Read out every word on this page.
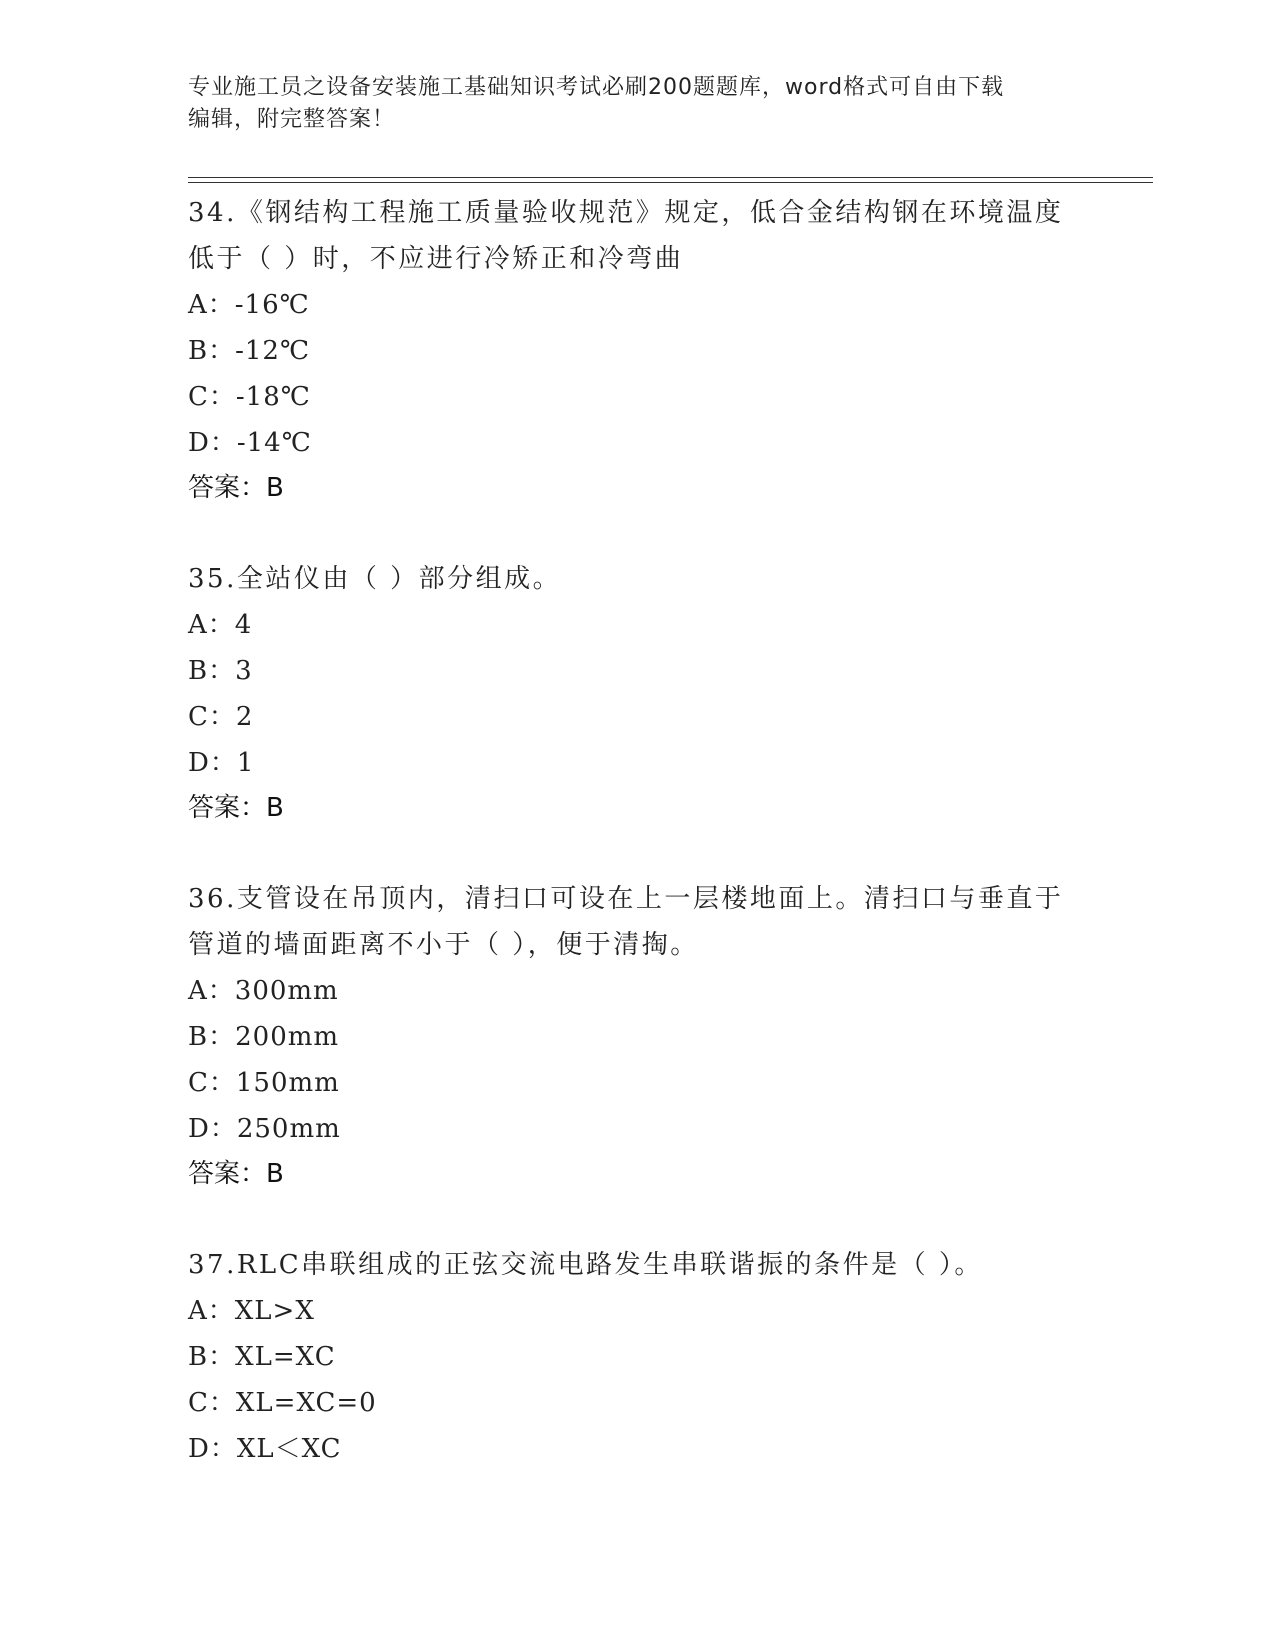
专业施工员之设备安装施工基础知识考试必刷200题题库，word格式可自由下载
编辑，附完整答案！
34.《钢结构工程施工质量验收规范》规定，低合金结构钢在环境温度
低于（ ）时，不应进行冷矫正和冷弯曲
A：-16℃
B：-12℃
C：-18℃
D：-14℃
答案：B
35.全站仪由（ ）部分组成。
A：4
B：3
C：2
D：1
答案：B
36.支管设在吊顶内，清扫口可设在上一层楼地面上。清扫口与垂直于
管道的墙面距离不小于（ ），便于清掏。
A：300mm
B：200mm
C：150mm
D：250mm
答案：B
37.RLC串联组成的正弦交流电路发生串联谐振的条件是（ ）。
A：XL>X
B：XL=XC
C：XL=XC=0
D：XL＜XC
